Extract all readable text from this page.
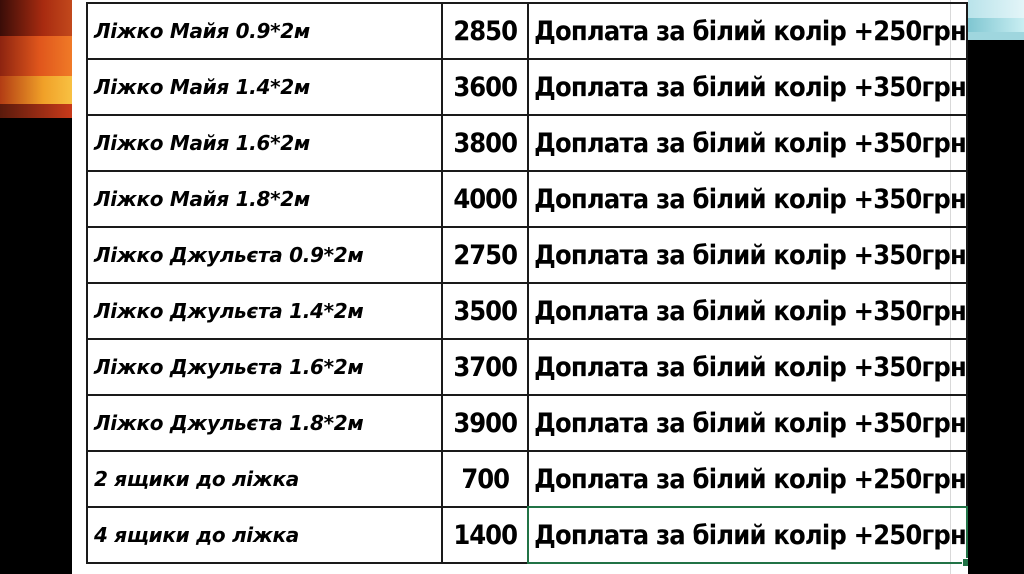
Ліжко Майя 0.9*2м	2850	Доплата за білий колір +250грн
Ліжко Майя 1.4*2м	3600	Доплата за білий колір +350грн
Ліжко Майя 1.6*2м	3800	Доплата за білий колір +350грн
Ліжко Майя 1.8*2м	4000	Доплата за білий колір +350грн
Ліжко Джульєта 0.9*2м	2750	Доплата за білий колір +350грн
Ліжко Джульєта 1.4*2м	3500	Доплата за білий колір +350грн
Ліжко Джульєта 1.6*2м	3700	Доплата за білий колір +350грн
Ліжко Джульєта 1.8*2м	3900	Доплата за білий колір +350грн
2 ящики до ліжка	700	Доплата за білий колір +250грн
4 ящики до ліжка	1400	Доплата за білий колір +250грн
